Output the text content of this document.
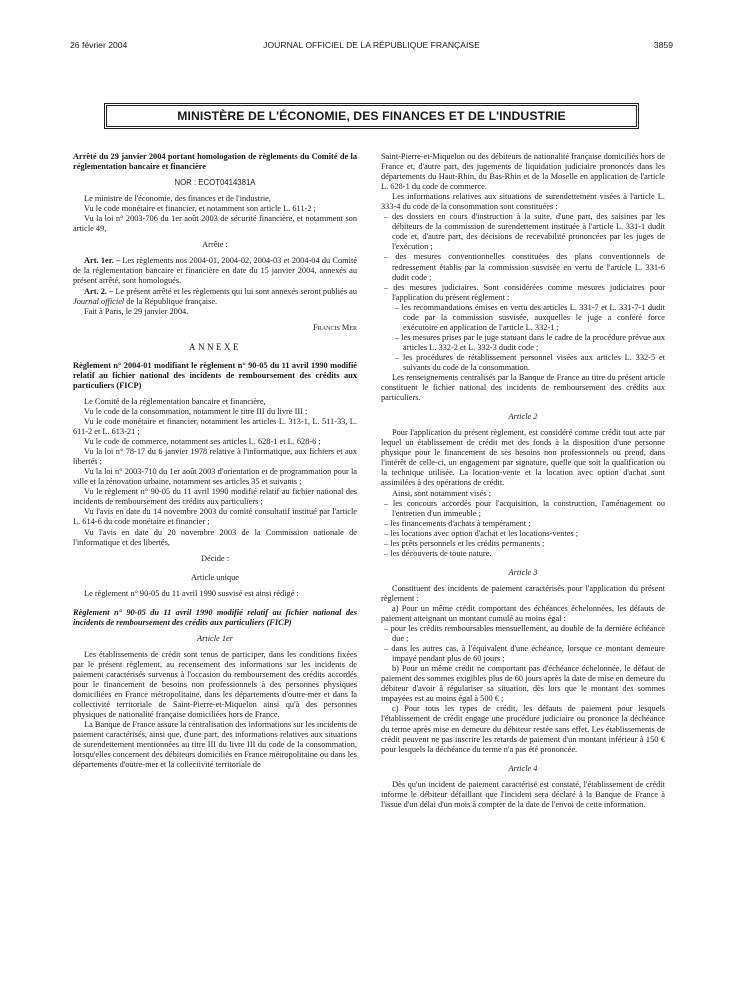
26 février 2004	JOURNAL OFFICIEL DE LA RÉPUBLIQUE FRANÇAISE	3859
MINISTÈRE DE L'ÉCONOMIE, DES FINANCES ET DE L'INDUSTRIE

Arrêté du 29 janvier 2004 portant homologation de règlements du Comité de la réglementation bancaire et financière

NOR : ECOT0414381A

Le ministre de l'économie, des finances et de l'industrie,

Vu le code monétaire et financier, et notamment son article L. 611-2 ;

Vu la loi n° 2003-706 du 1er août 2003 de sécurité financière, et notamment son article 49,

Arrête :

Art. 1er. – Les règlements nos 2004-01, 2004-02, 2004-03 et 2004-04 du Comité de la réglementation bancaire et financière en date du 15 janvier 2004, annexés au présent arrêté, sont homologués.

Art. 2. – Le présent arrêté et les règlements qui lui sont annexés seront publiés au Journal officiel de la République française.

Fait à Paris, le 29 janvier 2004.

Francis Mer

ANNEXE

Règlement n° 2004-01 modifiant le règlement n° 90-05 du 11 avril 1990 modifié relatif au fichier national des incidents de remboursement des crédits aux particuliers (FICP)

Le Comité de la réglementation bancaire et financière,

Vu le code de la consommation, notamment le titre III du livre III ;

Vu le code monétaire et financier, notamment les articles L. 313-1, L. 511-33, L. 611-2 et L. 613-21 ;

Vu le code de commerce, notamment ses articles L. 628-1 et L. 628-6 ;

Vu la loi n° 78-17 du 6 janvier 1978 relative à l'informatique, aux fichiers et aux libertés ;

Vu la loi n° 2003-710 du 1er août 2003 d'orientation et de programmation pour la ville et la rénovation urbaine, notamment ses articles 35 et suivants ;

Vu le règlement n° 90-05 du 11 avril 1990 modifié relatif au fichier national des incidents de remboursement des crédits aux particuliers ;

Vu l'avis en date du 14 novembre 2003 du comité consultatif institué par l'article L. 614-6 du code monétaire et financier ;

Vu l'avis en date du 20 novembre 2003 de la Commission nationale de l'informatique et des libertés,

Décide :

Article unique

Le règlement n° 90-05 du 11 avril 1990 susvisé est ainsi rédigé :

Règlement n° 90-05 du 11 avril 1990 modifié relatif au fichier national des incidents de remboursement des crédits aux particuliers (FICP)

Article 1er

Les établissements de crédit sont tenus de participer, dans les conditions fixées par le présent règlement, au recensement des informations sur les incidents de paiement caractérisés survenus à l'occasion du remboursement des crédits accordés pour le financement de besoins non professionnels à des personnes physiques domiciliées en France métropolitaine, dans les départements d'outre-mer et dans la collectivité territoriale de Saint-Pierre-et-Miquelon ainsi qu'à des personnes physiques de nationalité française domiciliées hors de France.

La Banque de France assure la centralisation des informations sur les incidents de paiement caractérisés, ainsi que, d'une part, des informations relatives aux situations de surendettement mentionnées au titre III du livre III du code de la consommation, lorsqu'elles concernent des débiteurs domiciliés en France métropolitaine ou dans les départements d'outre-mer et la collectivité territoriale de

Saint-Pierre-et-Miquelon ou des débiteurs de nationalité française domiciliés hors de France et, d'autre part, des jugements de liquidation judiciaire prononcés dans les départements du Haut-Rhin, du Bas-Rhin et de la Moselle en application de l'article L. 628-1 du code de commerce.

Les informations relatives aux situations de surendettement visées à l'article L. 333-4 du code de la consommation sont constituées :

– des dossiers en cours d'instruction à la suite, d'une part, des saisines par les débiteurs de la commission de surendettement instituée à l'article L. 331-1 dudit code et, d'autre part, des décisions de recevabilité prononcées par les juges de l'exécution ;

– des mesures conventionnelles constituées des plans conventionnels de redressement établis par la commission susvisée en vertu de l'article L. 331-6 dudit code ;

– des mesures judiciaires. Sont considérées comme mesures judiciaires pour l'application du présent règlement :

– les recommandations émises en vertu des articles L. 331-7 et L. 331-7-1 dudit code par la commission susvisée, auxquelles le juge a conféré force exécutoire en application de l'article L. 332-1 ;

– les mesures prises par le juge statuant dans le cadre de la procédure prévue aux articles L. 332-2 et L. 332-3 dudit code ;

– les procédures de rétablissement personnel visées aux articles L. 332-5 et suivants du code de la consommation.

Les renseignements centralisés par la Banque de France au titre du présent article constituent le fichier national des incidents de remboursement des crédits aux particuliers.

Article 2

Pour l'application du présent règlement, est considéré comme crédit tout acte par lequel un établissement de crédit met des fonds à la disposition d'une personne physique pour le financement de ses besoins non professionnels ou prend, dans l'intérêt de celle-ci, un engagement par signature, quelle que soit la qualification ou la technique utilisée. La location-vente et la location avec option d'achat sont assimilées à des opérations de crédit.

Ainsi, sont notamment visés :

– les concours accordés pour l'acquisition, la construction, l'aménagement ou l'entretien d'un immeuble ;

– les financements d'achats à tempérament ;

– les locations avec option d'achat et les locations-ventes ;

– les prêts personnels et les crédits permanents ;

– les découverts de toute nature.

Article 3

Constituent des incidents de paiement caractérisés pour l'application du présent règlement :

a) Pour un même crédit comportant des échéances échelonnées, les défauts de paiement atteignant un montant cumulé au moins égal :

– pour les crédits remboursables mensuellement, au double de la dernière échéance due ;

– dans les autres cas, à l'équivalent d'une échéance, lorsque ce montant demeure impayé pendant plus de 60 jours ;

b) Pour un même crédit ne comportant pas d'échéance échelonnée, le défaut de paiement des sommes exigibles plus de 60 jours après la date de mise en demeure du débiteur d'avoir à régulariser sa situation, dès lors que le montant des sommes impayées est au moins égal à 500 € ;

c) Pour tous les types de crédit, les défauts de paiement pour lesquels l'établissement de crédit engage une procédure judiciaire ou prononce la déchéance du terme après mise en demeure du débiteur restée sans effet. Les établissements de crédit peuvent ne pas inscrire les retards de paiement d'un montant inférieur à 150 € pour lesquels la déchéance du terme n'a pas été prononcée.

Article 4

Dès qu'un incident de paiement caractérisé est constaté, l'établissement de crédit informe le débiteur défaillant que l'incident sera déclaré à la Banque de France à l'issue d'un délai d'un mois à compter de la date de l'envoi de cette information.
